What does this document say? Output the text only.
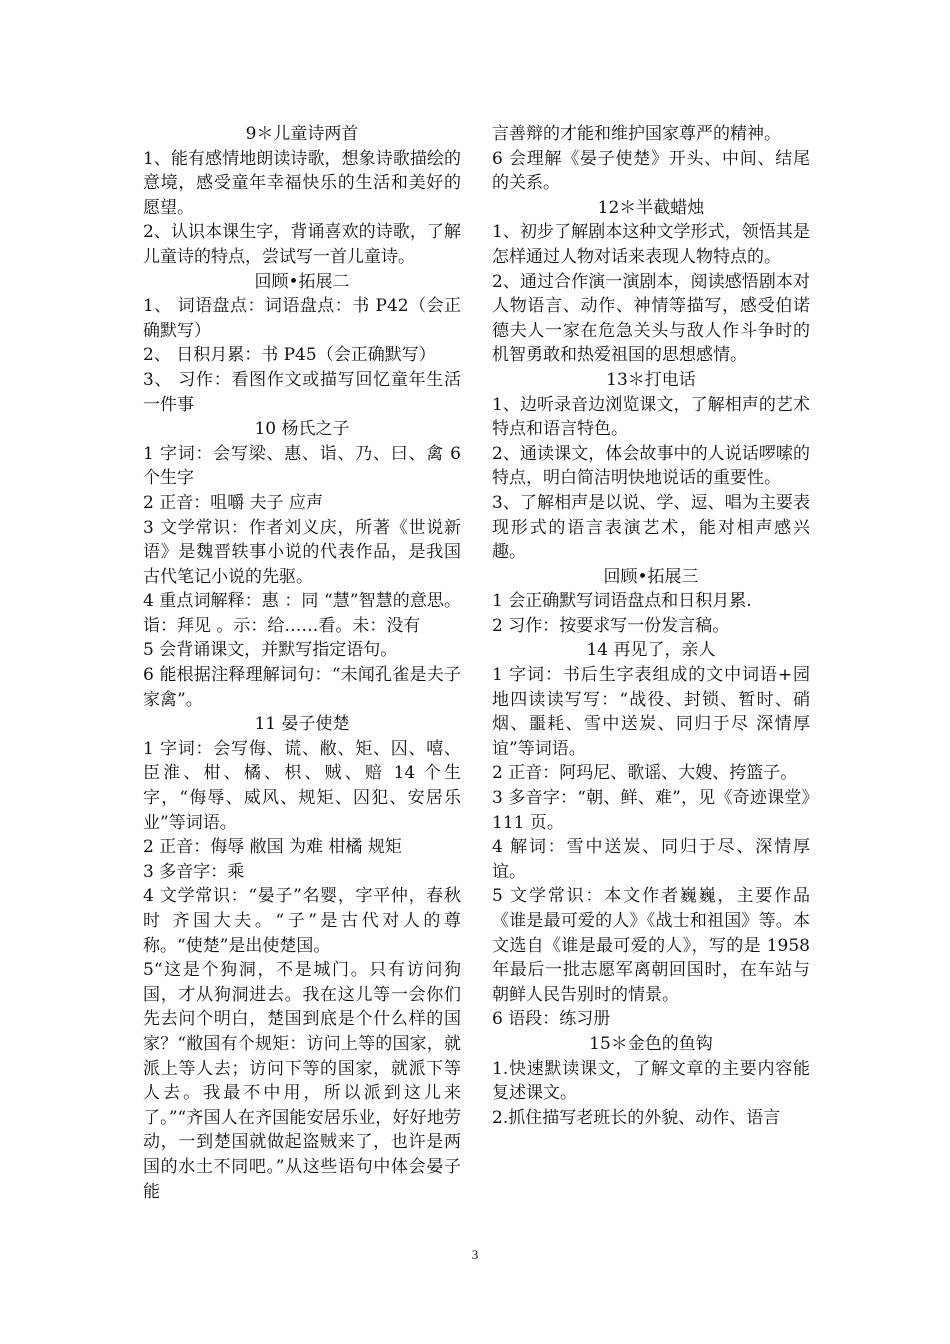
9＊儿童诗两首

1、能有感情地朗读诗歌，想象诗歌描绘的意境，感受童年幸福快乐的生活和美好的愿望。

2、认识本课生字，背诵喜欢的诗歌，了解儿童诗的特点，尝试写一首儿童诗。

回顾•拓展二

1、 词语盘点：词语盘点：书 P42（会正确默写）

2、 日积月累：书 P45（会正确默写）

3、 习作：看图作文或描写回忆童年生活一件事

10 杨氏之子

1 字词：会写梁、惠、诣、乃、曰、禽 6 个生字

2 正音：咀嚼 夫子 应声

3 文学常识：作者刘义庆，所著《世说新语》是魏晋轶事小说的代表作品，是我国古代笔记小说的先驱。

4 重点词解释：惠 ：同 “慧”智慧的意思。诣：拜见 。示：给……看。未：没有

5 会背诵课文，并默写指定语句。

6 能根据注释理解词句：“未闻孔雀是夫子家禽”。

11 晏子使楚

1 字词：会写侮、谎、敝、矩、囚、嘻、臣淮、柑、橘、枳、贼、赔 14 个生字，“侮辱、威风、规矩、囚犯、安居乐业”等词语。

2 正音：侮辱 敝国 为难 柑橘 规矩

3 多音字：乘

4 文学常识：“晏子”名婴，字平仲，春秋时 齐国大夫。“子”是古代对人的尊称。“使楚”是出使楚国。

5“这是个狗洞，不是城门。只有访问狗国，才从狗洞进去。我在这儿等一会你们先去问个明白，楚国到底是个什么样的国家？“敝国有个规矩：访问上等的国家，就派上等人去；访问下等的国家，就派下等人去。我最不中用，所以派到这儿来了。”“齐国人在齐国能安居乐业，好好地劳动，一到楚国就做起盗贼来了，也许是两国的水土不同吧。”从这些语句中体会晏子能

言善辩的才能和维护国家尊严的精神。

6 会理解《晏子使楚》开头、中间、结尾的关系。

12＊半截蜡烛

1、初步了解剧本这种文学形式，领悟其是怎样通过人物对话来表现人物特点的。

2、通过合作演一演剧本，阅读感悟剧本对人物语言、动作、神情等描写，感受伯诺德夫人一家在危急关头与敌人作斗争时的机智勇敢和热爱祖国的思想感情。

13＊打电话

1、边听录音边浏览课文，了解相声的艺术特点和语言特色。

2、通读课文，体会故事中的人说话啰嗦的特点，明白简洁明快地说话的重要性。

3、了解相声是以说、学、逗、唱为主要表现形式的语言表演艺术，能对相声感兴趣。

回顾•拓展三

1 会正确默写词语盘点和日积月累.

2 习作：按要求写一份发言稿。

14 再见了，亲人

1 字词：书后生字表组成的文中词语+园地四读读写写：“战役、封锁、暂时、硝烟、噩耗、雪中送炭、同归于尽 深情厚谊”等词语。

2 正音：阿玛尼、歌谣、大嫂、挎篮子。

3 多音字：“朝、鲜、难”，见《奇迹课堂》111 页。

4 解词：雪中送炭、同归于尽、深情厚谊。

5 文学常识：本文作者巍巍，主要作品《谁是最可爱的人》《战士和祖国》等。本文选自《谁是最可爱的人》，写的是 1958 年最后一批志愿军离朝回国时，在车站与朝鲜人民告别时的情景。

6 语段：练习册

15＊金色的鱼钩

1.快速默读课文，了解文章的主要内容能复述课文。

2.抓住描写老班长的外貌、动作、语言

3
